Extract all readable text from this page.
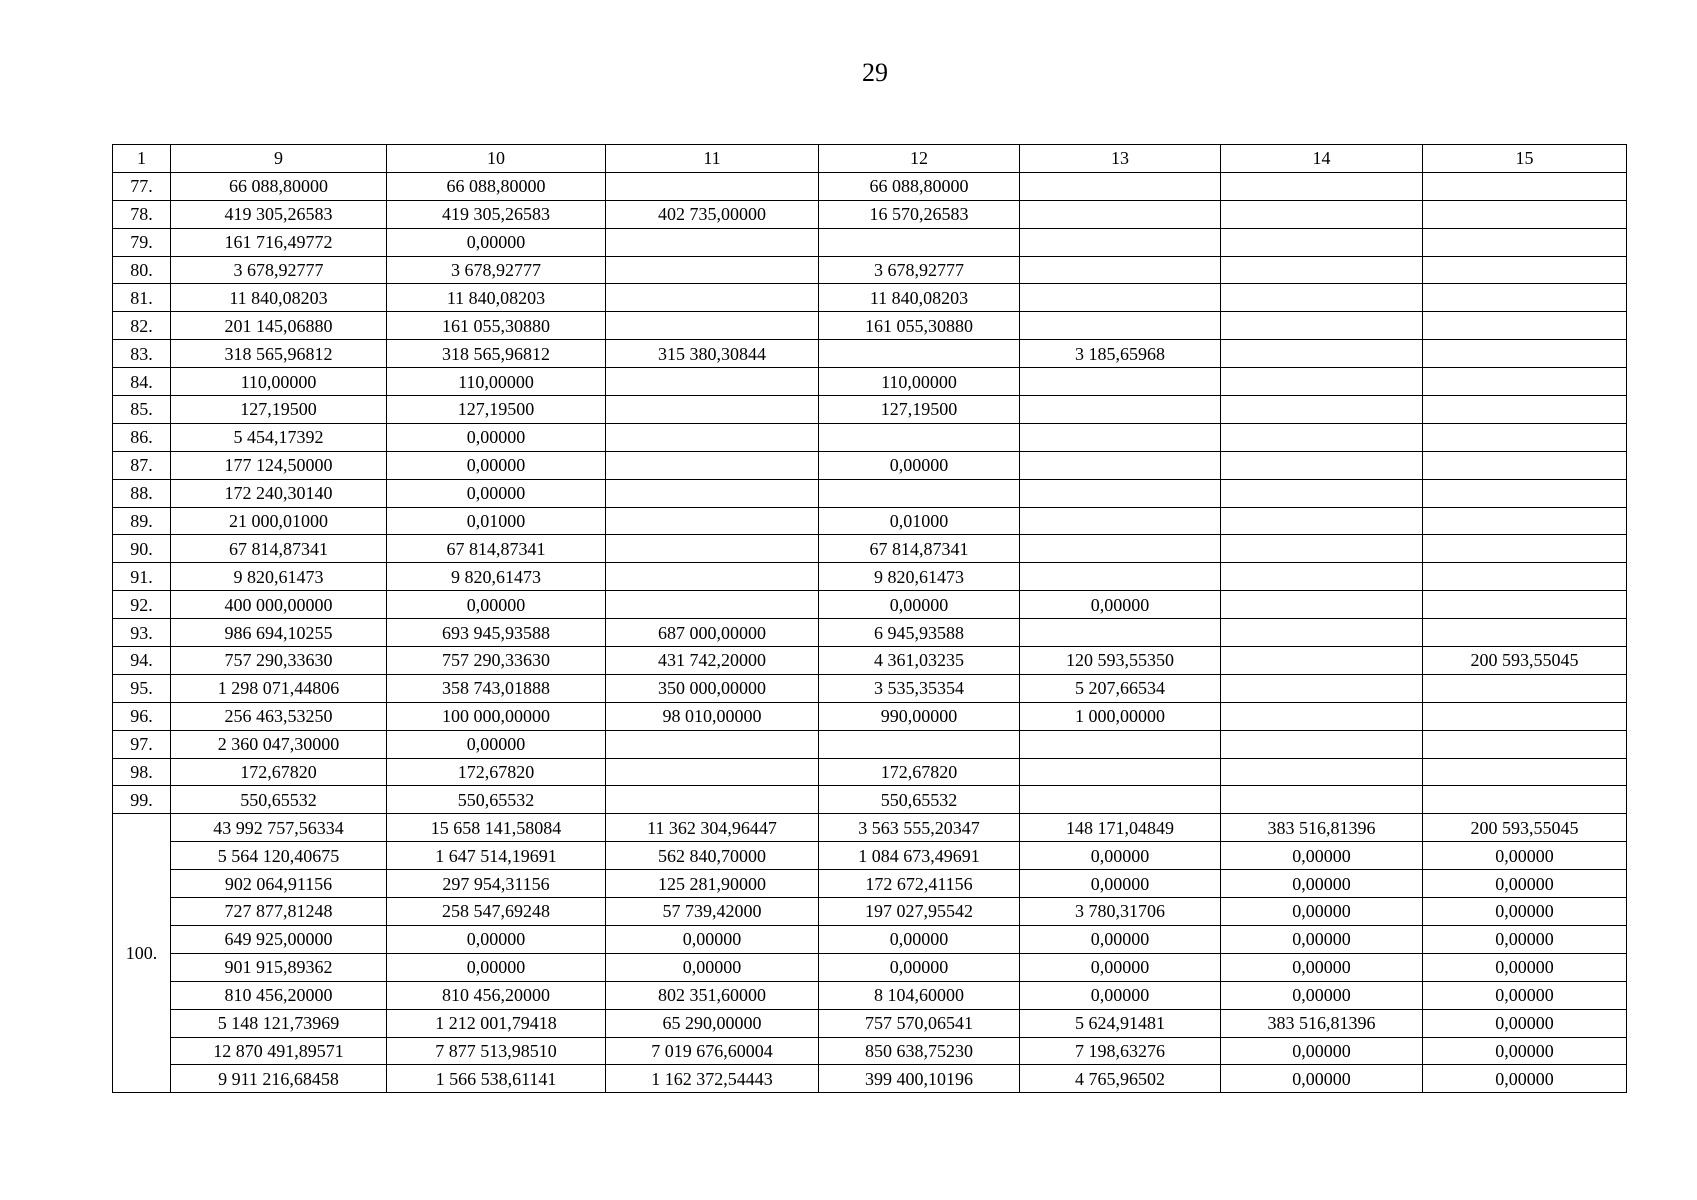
29
1	9	10	11	12	13	14	15
77.	66 088,80000	66 088,80000		66 088,80000			
78.	419 305,26583	419 305,26583	402 735,00000	16 570,26583			
79.	161 716,49772	0,00000					
80.	3 678,92777	3 678,92777		3 678,92777			
81.	11 840,08203	11 840,08203		11 840,08203			
82.	201 145,06880	161 055,30880		161 055,30880			
83.	318 565,96812	318 565,96812	315 380,30844		3 185,65968		
84.	110,00000	110,00000		110,00000			
85.	127,19500	127,19500		127,19500			
86.	5 454,17392	0,00000					
87.	177 124,50000	0,00000		0,00000			
88.	172 240,30140	0,00000					
89.	21 000,01000	0,01000		0,01000			
90.	67 814,87341	67 814,87341		67 814,87341			
91.	9 820,61473	9 820,61473		9 820,61473			
92.	400 000,00000	0,00000		0,00000	0,00000		
93.	986 694,10255	693 945,93588	687 000,00000	6 945,93588			
94.	757 290,33630	757 290,33630	431 742,20000	4 361,03235	120 593,55350		200 593,55045
95.	1 298 071,44806	358 743,01888	350 000,00000	3 535,35354	5 207,66534		
96.	256 463,53250	100 000,00000	98 010,00000	990,00000	1 000,00000		
97.	2 360 047,30000	0,00000					
98.	172,67820	172,67820		172,67820			
99.	550,65532	550,65532		550,65532			
100.	43 992 757,56334	15 658 141,58084	11 362 304,96447	3 563 555,20347	148 171,04849	383 516,81396	200 593,55045
	5 564 120,40675	1 647 514,19691	562 840,70000	1 084 673,49691	0,00000	0,00000	0,00000
	902 064,91156	297 954,31156	125 281,90000	172 672,41156	0,00000	0,00000	0,00000
	727 877,81248	258 547,69248	57 739,42000	197 027,95542	3 780,31706	0,00000	0,00000
	649 925,00000	0,00000	0,00000	0,00000	0,00000	0,00000	0,00000
	901 915,89362	0,00000	0,00000	0,00000	0,00000	0,00000	0,00000
	810 456,20000	810 456,20000	802 351,60000	8 104,60000	0,00000	0,00000	0,00000
	5 148 121,73969	1 212 001,79418	65 290,00000	757 570,06541	5 624,91481	383 516,81396	0,00000
	12 870 491,89571	7 877 513,98510	7 019 676,60004	850 638,75230	7 198,63276	0,00000	0,00000
	9 911 216,68458	1 566 538,61141	1 162 372,54443	399 400,10196	4 765,96502	0,00000	0,00000
